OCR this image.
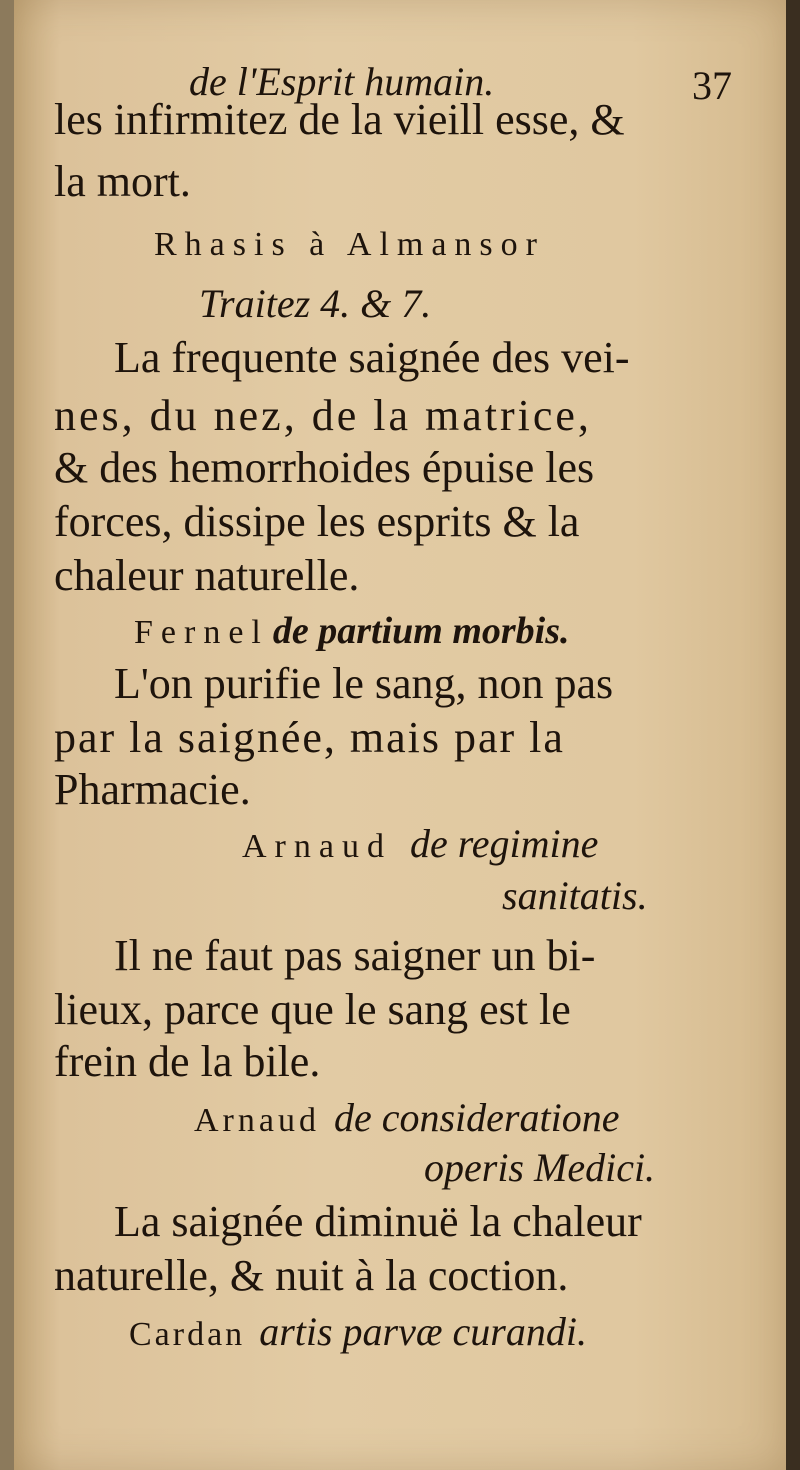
de l'Esprit humain.	37
les infirmitez de la vieill esse, &
la mort.
Rhasis à Almansor
Traitez 4. & 7.
La frequente saignée des vei-
nes, du nez, de la matrice,
& des hemorrhoides épuise les
forces, dissipe les esprits & la
chaleur naturelle.
Fernel de partium morbis.
L'on purifie le sang, non pas
par la saignée, mais par la
Pharmacie.
Arnaud de regimine
sanitatis.
Il ne faut pas saigner un bi-
lieux, parce que le sang est le
frein de la bile.
Arnaud de consideratione
operis Medici.
La saignée diminuë la chaleur
naturelle, & nuit à la coction.
Cardan artis parvæ curandi.
